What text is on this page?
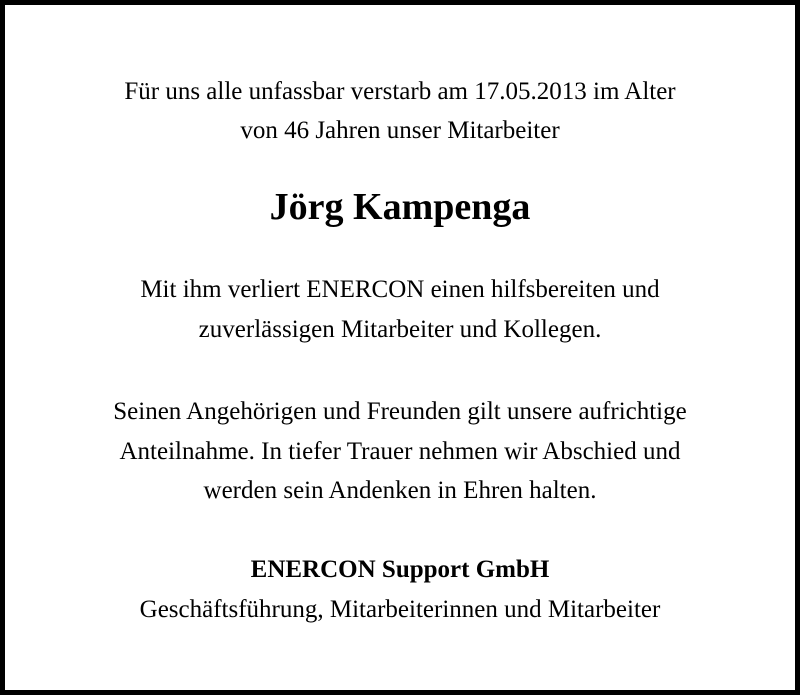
Für uns alle unfassbar verstarb am 17.05.2013 im Alter
von 46 Jahren unser Mitarbeiter
Jörg Kampenga
Mit ihm verliert ENERCON einen hilfsbereiten und
zuverlässigen Mitarbeiter und Kollegen.
Seinen Angehörigen und Freunden gilt unsere aufrichtige
Anteilnahme. In tiefer Trauer nehmen wir Abschied und
werden sein Andenken in Ehren halten.
ENERCON Support GmbH
Geschäftsführung, Mitarbeiterinnen und Mitarbeiter
